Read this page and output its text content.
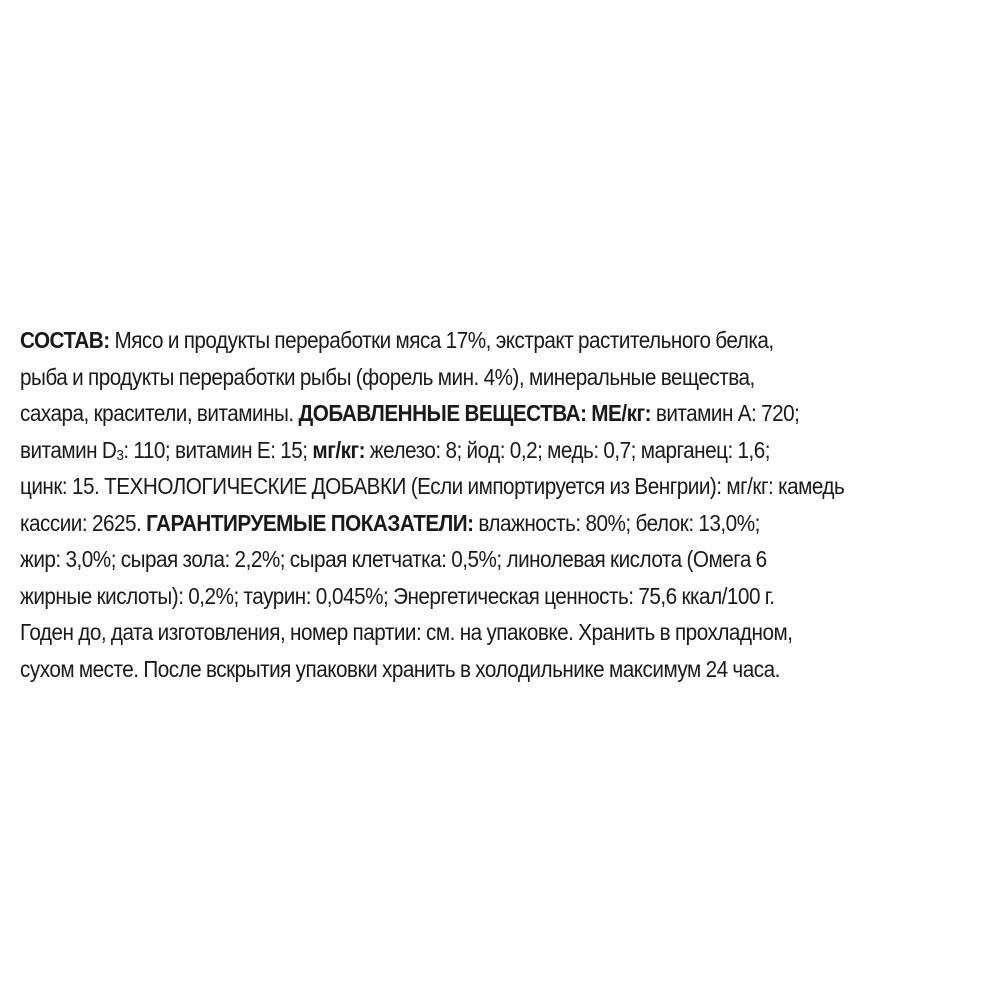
СОСТАВ: Мясо и продукты переработки мяса 17%, экстракт растительного белка,
рыба и продукты переработки рыбы (форель мин. 4%), минеральные вещества,
сахара, красители, витамины. ДОБАВЛЕННЫЕ ВЕЩЕСТВА: МЕ/кг: витамин А: 720;
витамин $D_3$: 110; витамин Е: 15; мг/кг: железо: 8; йод: 0,2; медь: 0,7; марганец: 1,6;
цинк: 15. ТЕХНОЛОГИЧЕСКИЕ ДОБАВКИ (Если импортируется из Венгрии): мг/кг: камедь
кассии: 2625. ГАРАНТИРУЕМЫЕ ПОКАЗАТЕЛИ: влажность: 80%; белок: 13,0%;
жир: 3,0%; сырая зола: 2,2%; сырая клетчатка: 0,5%; линолевая кислота (Омега 6
жирные кислоты): 0,2%; таурин: 0,045%; Энергетическая ценность: 75,6 ккал/100 г.
Годен до, дата изготовления, номер партии: см. на упаковке. Хранить в прохладном,
сухом месте. После вскрытия упаковки хранить в холодильнике максимум 24 часа.
